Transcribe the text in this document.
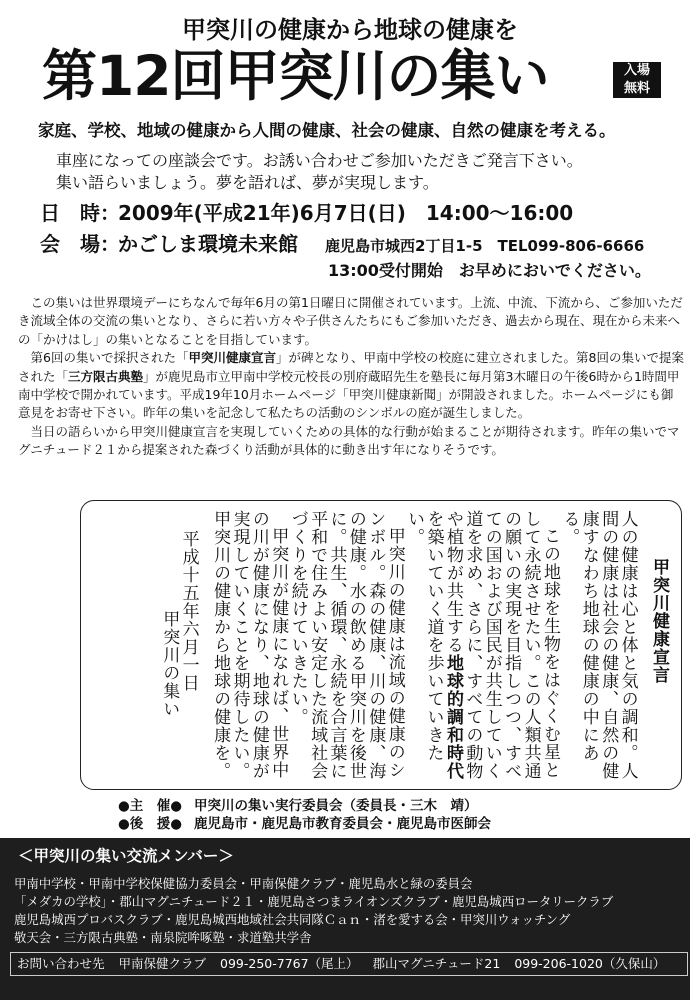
甲突川の健康から地球の健康を
第12回甲突川の集い	入場
無料
家庭、学校、地域の健康から人間の健康、社会の健康、自然の健康を考える。
車座になっての座談会です。お誘い合わせご参加いただきご発言下さい。
集い語らいましょう。夢を語れば、夢が実現します。
日　時：2009年(平成21年)6月7日(日)　14:00〜16:00
会　場：かごしま環境未来館 鹿児島市城西2丁目1-5　TEL099-806-6666
13:00受付開始　お早めにおいでください。

この集いは世界環境デーにちなんで毎年6月の第1日曜日に開催されています。上流、中流、下流から、ご参加いただき流域全体の交流の集いとなり、さらに若い方々や子供さんたちにもご参加いただき、過去から現在、現在から未来への「かけはし」の集いとなることを目指しています。

第6回の集いで採択された「甲突川健康宣言」が碑となり、甲南中学校の校庭に建立されました。第8回の集いで提案された「三方限古典塾」が鹿児島市立甲南中学校元校長の別府蔵昭先生を塾長に毎月第3木曜日の午後6時から1時間甲南中学校で開かれています。平成19年10月ホームページ「甲突川健康新聞」が開設されました。ホームページにも御意見をお寄せ下さい。昨年の集いを記念して私たちの活動のシンボルの庭が誕生しました。

当日の語らいから甲突川健康宣言を実現していくための具体的な行動が始まることが期待されます。昨年の集いでマグニチュード２１から提案された森づくり活動が具体的に動き出す年になりそうです。

甲突川健康宣言

人の健康は心と体と気の調和。人間の健康は社会の健康、自然の健康すなわち地球の健康の中にある。

この地球を生物をはぐくむ星として永続させたい。この人類共通の願いの実現を目指しつつ、すべての国および国民が共生していく道を求め、さらに、すべての動物や植物が共生する地球的調和時代を築いていく道を歩いていきたい。

甲突川の健康は流域の健康のシンボル。森の健康、川の健康、海の健康。水の飲める甲突川を後世に。共生、循環、永続を合言葉に平和で住みよい安定した流域社会づくりを続けていきたい。

甲突川が健康になれば、世界中の川が健康になり、地球の健康が実現していくことを期待したい。甲突川の健康から地球の健康を。

平成十五年六月一日

甲突川の集い

●主　催● 甲突川の集い実行委員会（委員長・三木　靖）
●後　援● 鹿児島市・鹿児島市教育委員会・鹿児島市医師会
＜甲突川の集い交流メンバー＞
甲南中学校・甲南中学校保健協力委員会・甲南保健クラブ・鹿児島水と緑の委員会
「メダカの学校」・郡山マグニチュード２１・鹿児島さつまライオンズクラブ・鹿児島城西ロータリークラブ
鹿児島城西プロバスクラブ・鹿児島城西地域社会共同隊Ｃａｎ・渚を愛する会・甲突川ウォッチング
敬天会・三方限古典塾・南泉院哞啄塾・求道塾共学舎
お問い合わせ先 甲南保健クラブ 099-250-7767（尾上） 郡山マグニチュード21 099-206-1020（久保山）
